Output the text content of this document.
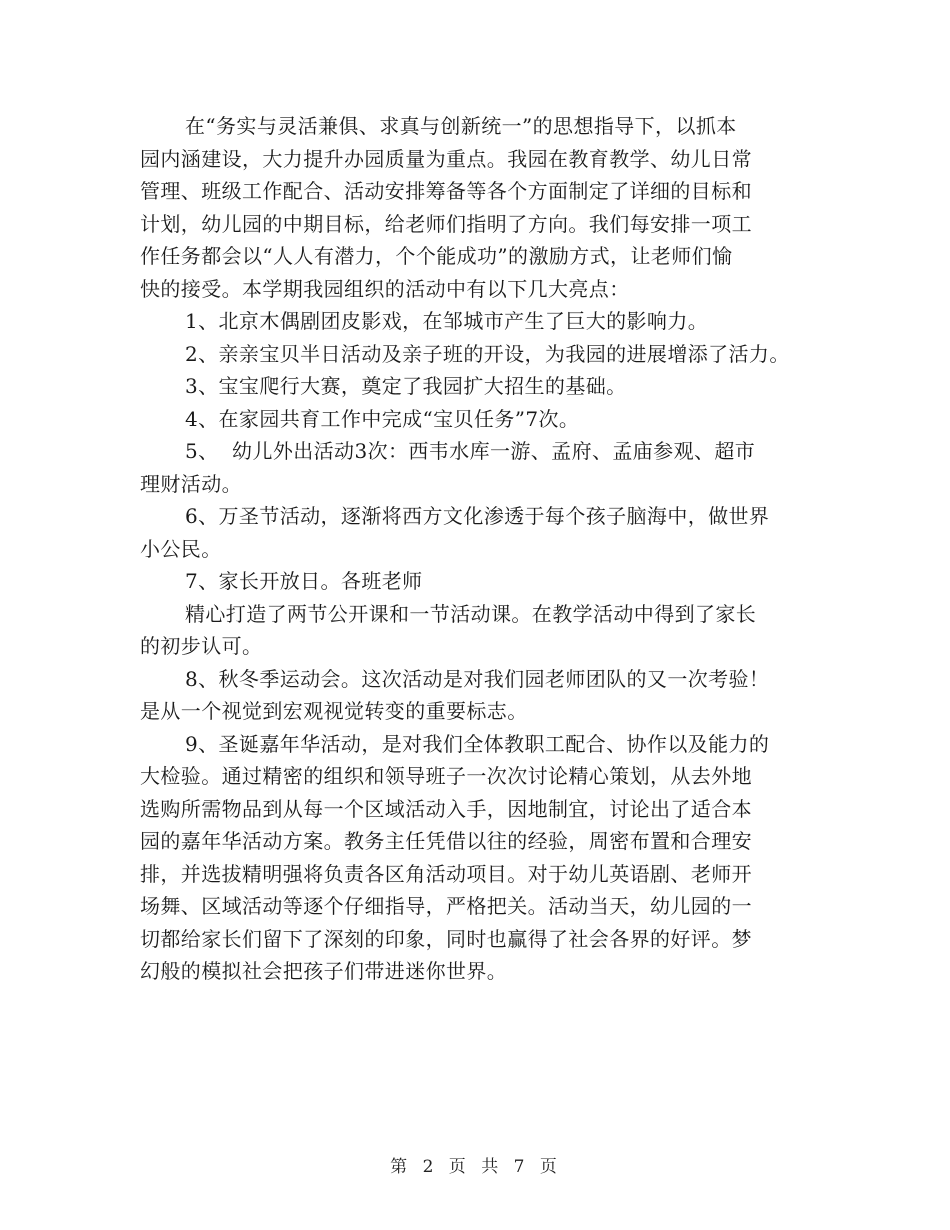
在“务实与灵活兼俱、求真与创新统一”的思想指导下，以抓本
园内涵建设，大力提升办园质量为重点。我园在教育教学、幼儿日常
管理、班级工作配合、活动安排筹备等各个方面制定了详细的目标和
计划，幼儿园的中期目标，给老师们指明了方向。我们每安排一项工
作任务都会以“人人有潜力，个个能成功”的激励方式，让老师们愉
快的接受。本学期我园组织的活动中有以下几大亮点：
1、北京木偶剧团皮影戏，在邹城市产生了巨大的影响力。
2、亲亲宝贝半日活动及亲子班的开设，为我园的进展增添了活力。
3、宝宝爬行大赛，奠定了我园扩大招生的基础。
4、在家园共育工作中完成“宝贝任务”7次。
5、  幼儿外出活动3次：西韦水库一游、孟府、孟庙参观、超市
理财活动。
6、万圣节活动，逐渐将西方文化渗透于每个孩子脑海中，做世界
小公民。
7、家长开放日。各班老师
精心打造了两节公开课和一节活动课。在教学活动中得到了家长
的初步认可。
8、秋冬季运动会。这次活动是对我们园老师团队的又一次考验！
是从一个视觉到宏观视觉转变的重要标志。
9、圣诞嘉年华活动，是对我们全体教职工配合、协作以及能力的
大检验。通过精密的组织和领导班子一次次讨论精心策划，从去外地
选购所需物品到从每一个区域活动入手，因地制宜，讨论出了适合本
园的嘉年华活动方案。教务主任凭借以往的经验，周密布置和合理安
排，并选拔精明强将负责各区角活动项目。对于幼儿英语剧、老师开
场舞、区域活动等逐个仔细指导，严格把关。活动当天，幼儿园的一
切都给家长们留下了深刻的印象，同时也赢得了社会各界的好评。梦
幻般的模拟社会把孩子们带进迷你世界。
第 2 页 共 7 页
